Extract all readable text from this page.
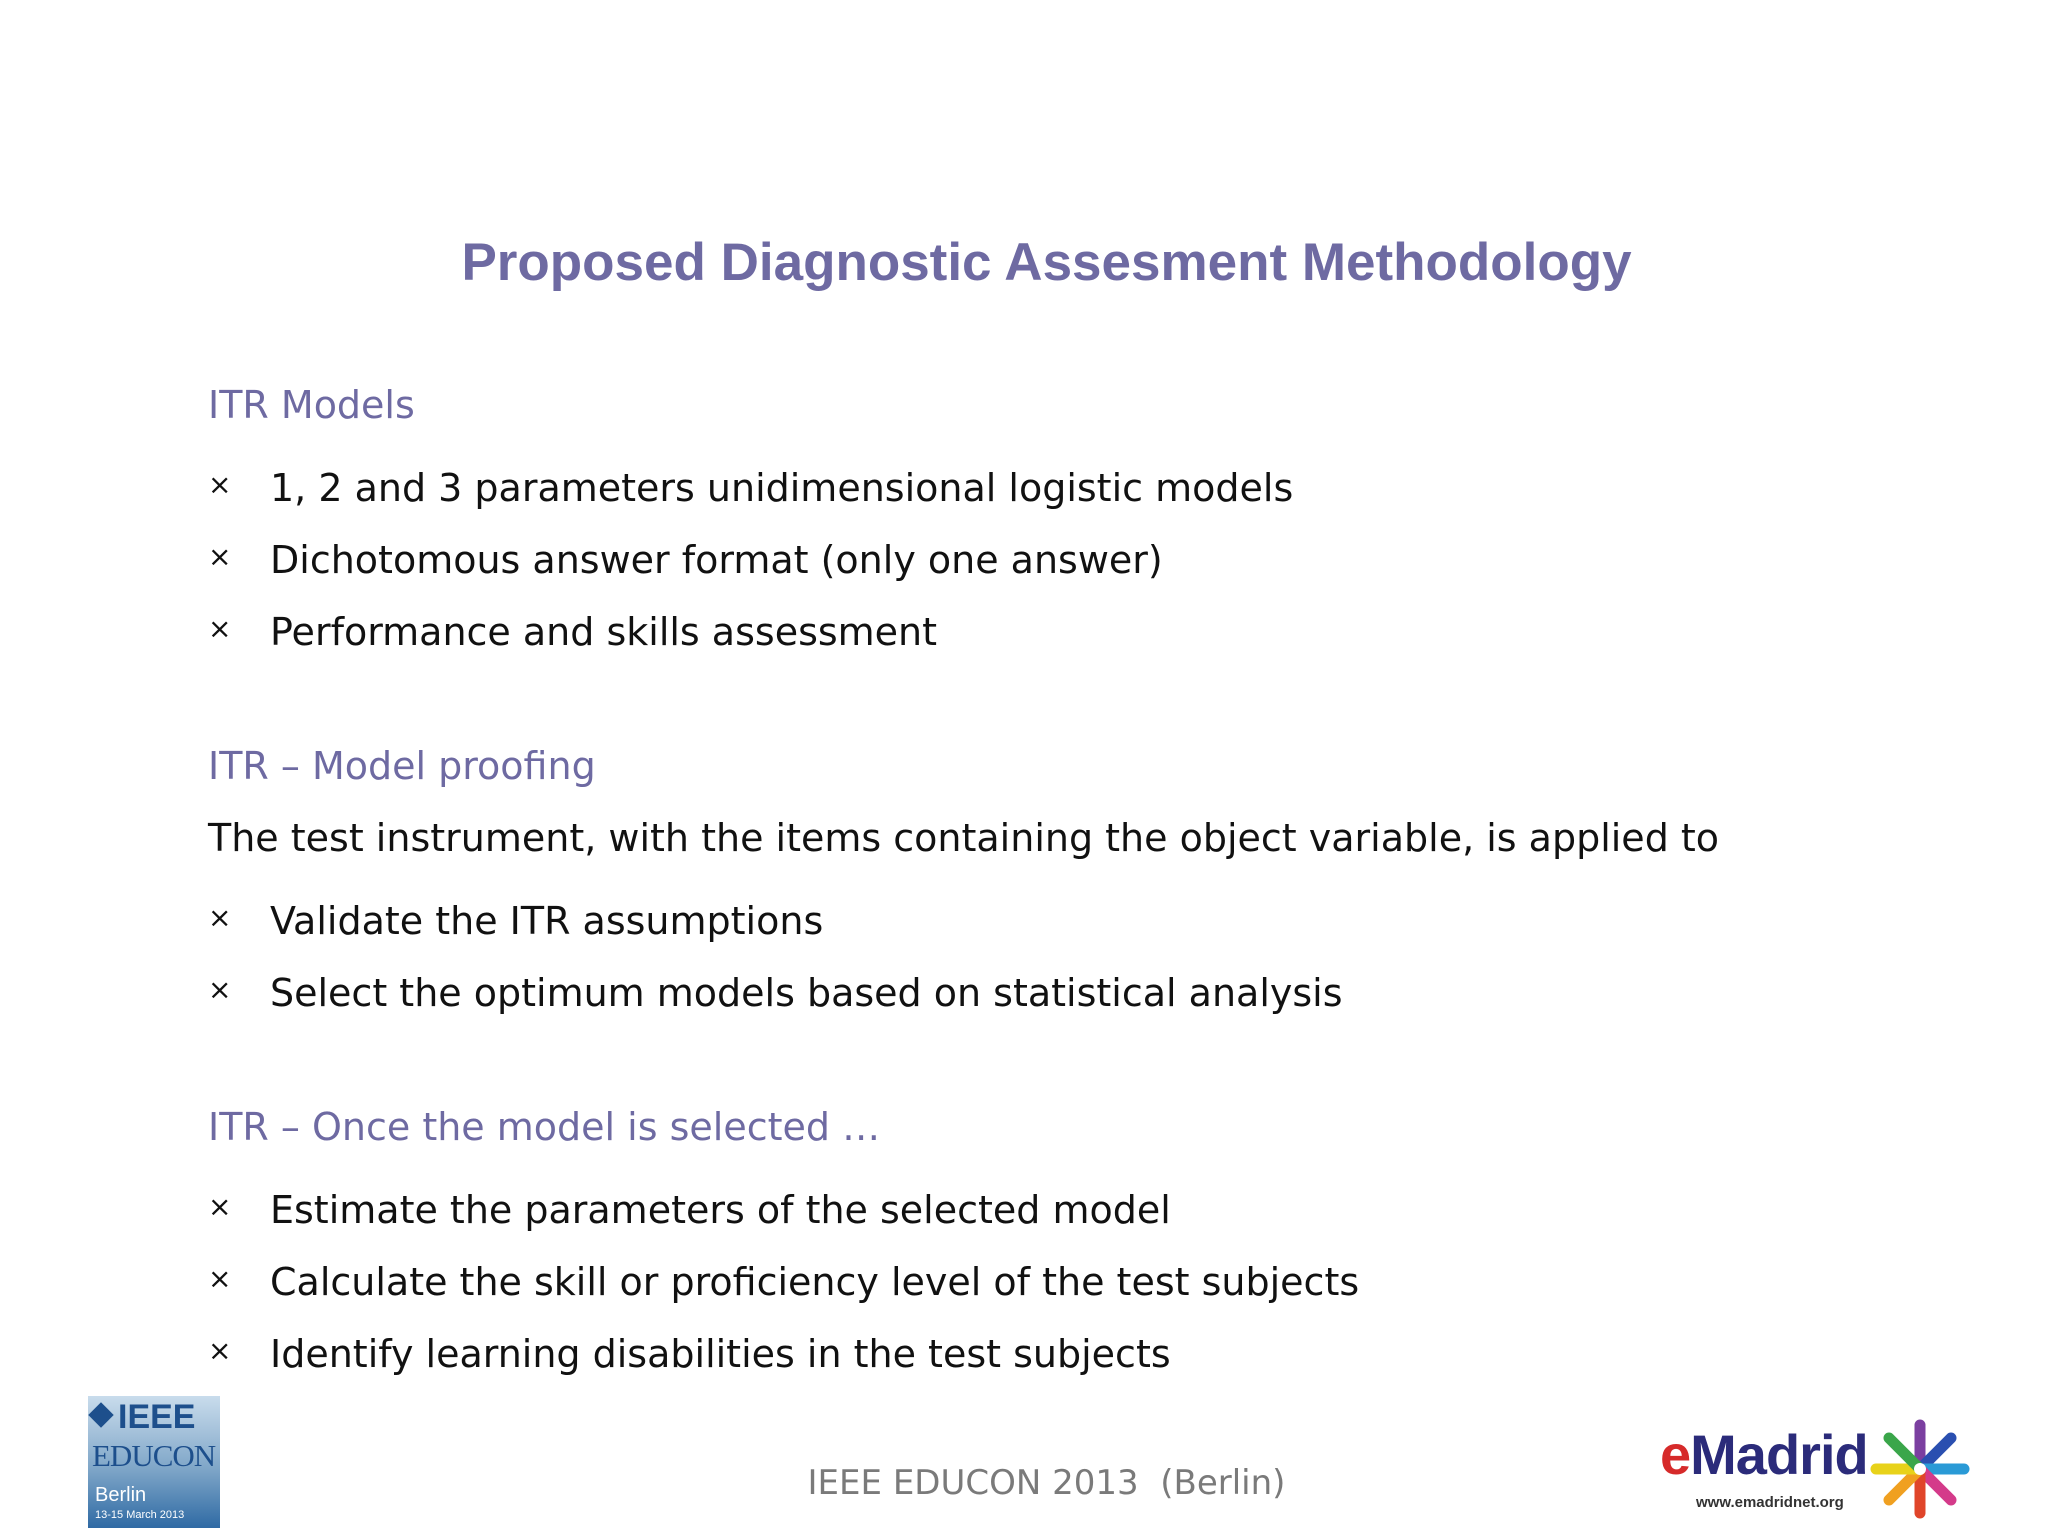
Proposed Diagnostic Assesment Methodology
ITR Models
×	1, 2 and 3 parameters unidimensional logistic models
×	Dichotomous answer format (only one answer)
×	Performance and skills assessment
ITR – Model proofing
The test instrument, with the items containing the object variable, is applied to
×	Validate the ITR assumptions
×	Select the optimum models based on statistical analysis
ITR – Once the model is selected …
×	Estimate the parameters of the selected model
×	Calculate the skill or proficiency level of the test subjects
×	Identify learning disabilities in the test subjects
IEEE
EDUCON
Berlin
13-15 March 2013
IEEE EDUCON 2013  (Berlin)	eMadrid
www.emadridnet.org
